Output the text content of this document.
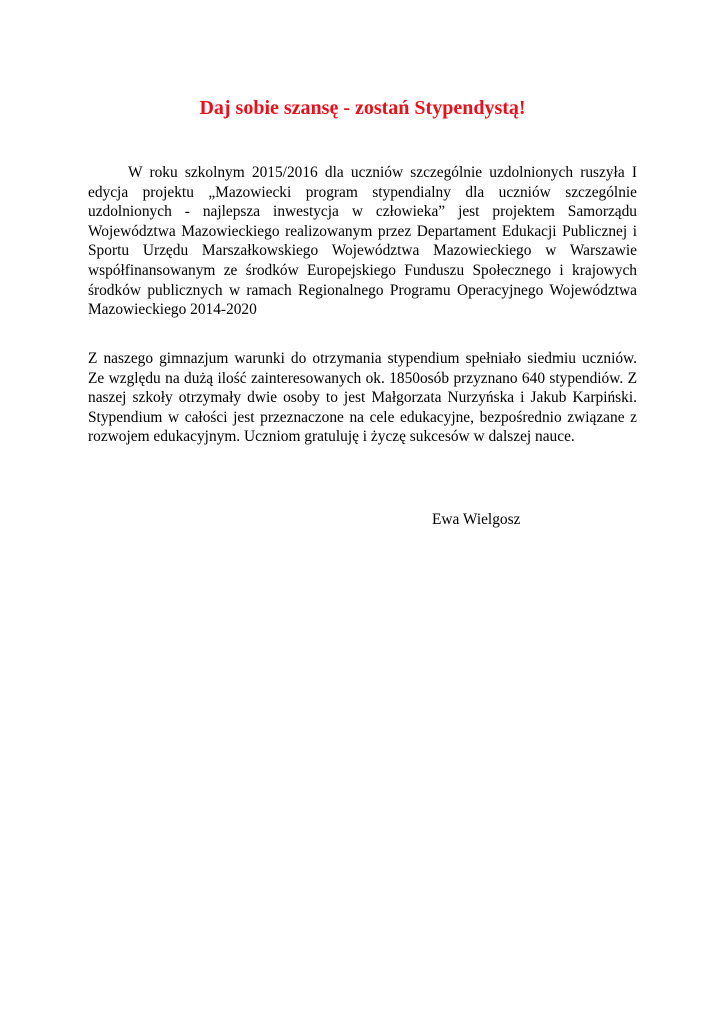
Daj sobie szansę - zostań Stypendystą!

W roku szkolnym 2015/2016 dla uczniów szczególnie uzdolnionych ruszyła I edycja projektu „Mazowiecki program stypendialny dla uczniów szczególnie uzdolnionych - najlepsza inwestycja w człowieka” jest projektem Samorządu Województwa Mazowieckiego realizowanym przez Departament Edukacji Publicznej i Sportu Urzędu Marszałkowskiego Województwa Mazowieckiego w Warszawie współfinansowanym ze środków Europejskiego Funduszu Społecznego i krajowych środków publicznych w ramach Regionalnego Programu Operacyjnego Województwa Mazowieckiego 2014-2020

Z naszego gimnazjum warunki do otrzymania stypendium spełniało siedmiu uczniów. Ze względu na dużą ilość zainteresowanych ok. 1850osób przyznano 640 stypendiów. Z naszej szkoły otrzymały dwie osoby to jest Małgorzata Nurzyńska i Jakub Karpiński. Stypendium w całości jest przeznaczone na cele edukacyjne, bezpośrednio związane z rozwojem edukacyjnym. Uczniom gratuluję i życzę sukcesów w dalszej nauce.

Ewa Wielgosz
